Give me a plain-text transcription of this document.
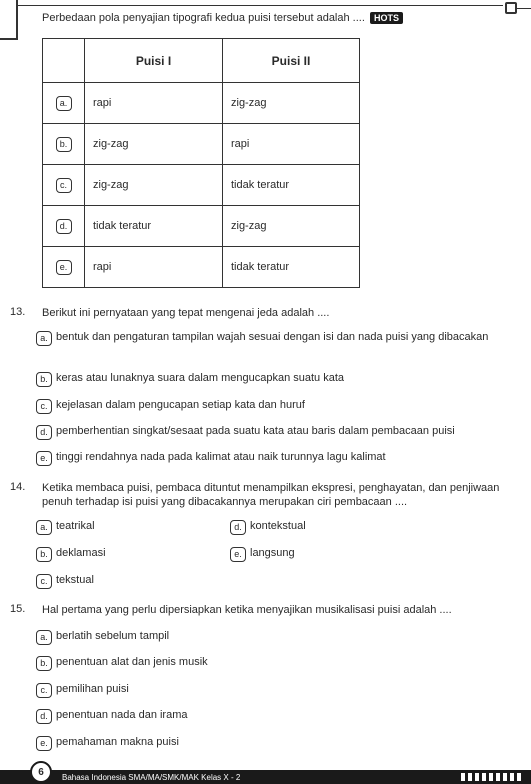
Perbedaan pola penyajian tipografi kedua puisi tersebut adalah .... HOTS
	Puisi I	Puisi II
a.	rapi	zig-zag
b.	zig-zag	rapi
c.	zig-zag	tidak teratur
d.	tidak teratur	zig-zag
e.	rapi	tidak teratur
13. Berikut ini pernyataan yang tepat mengenai jeda adalah ....
a. bentuk dan pengaturan tampilan wajah sesuai dengan isi dan nada puisi yang dibacakan
b. keras atau lunaknya suara dalam mengucapkan suatu kata
c. kejelasan dalam pengucapan setiap kata dan huruf
d. pemberhentian singkat/sesaat pada suatu kata atau baris dalam pembacaan puisi
e. tinggi rendahnya nada pada kalimat atau naik turunnya lagu kalimat
14. Ketika membaca puisi, pembaca dituntut menampilkan ekspresi, penghayatan, dan penjiwaan penuh terhadap isi puisi yang dibacakannya merupakan ciri pembacaan ....
a. teatrikal
b. deklamasi
c. tekstual
d. kontekstual
e. langsung
15. Hal pertama yang perlu dipersiapkan ketika menyajikan musikalisasi puisi adalah ....
a. berlatih sebelum tampil
b. penentuan alat dan jenis musik
c. pemilihan puisi
d. penentuan nada dan irama
e. pemahaman makna puisi
6	Bahasa Indonesia SMA/MA/SMK/MAK Kelas X - 2
